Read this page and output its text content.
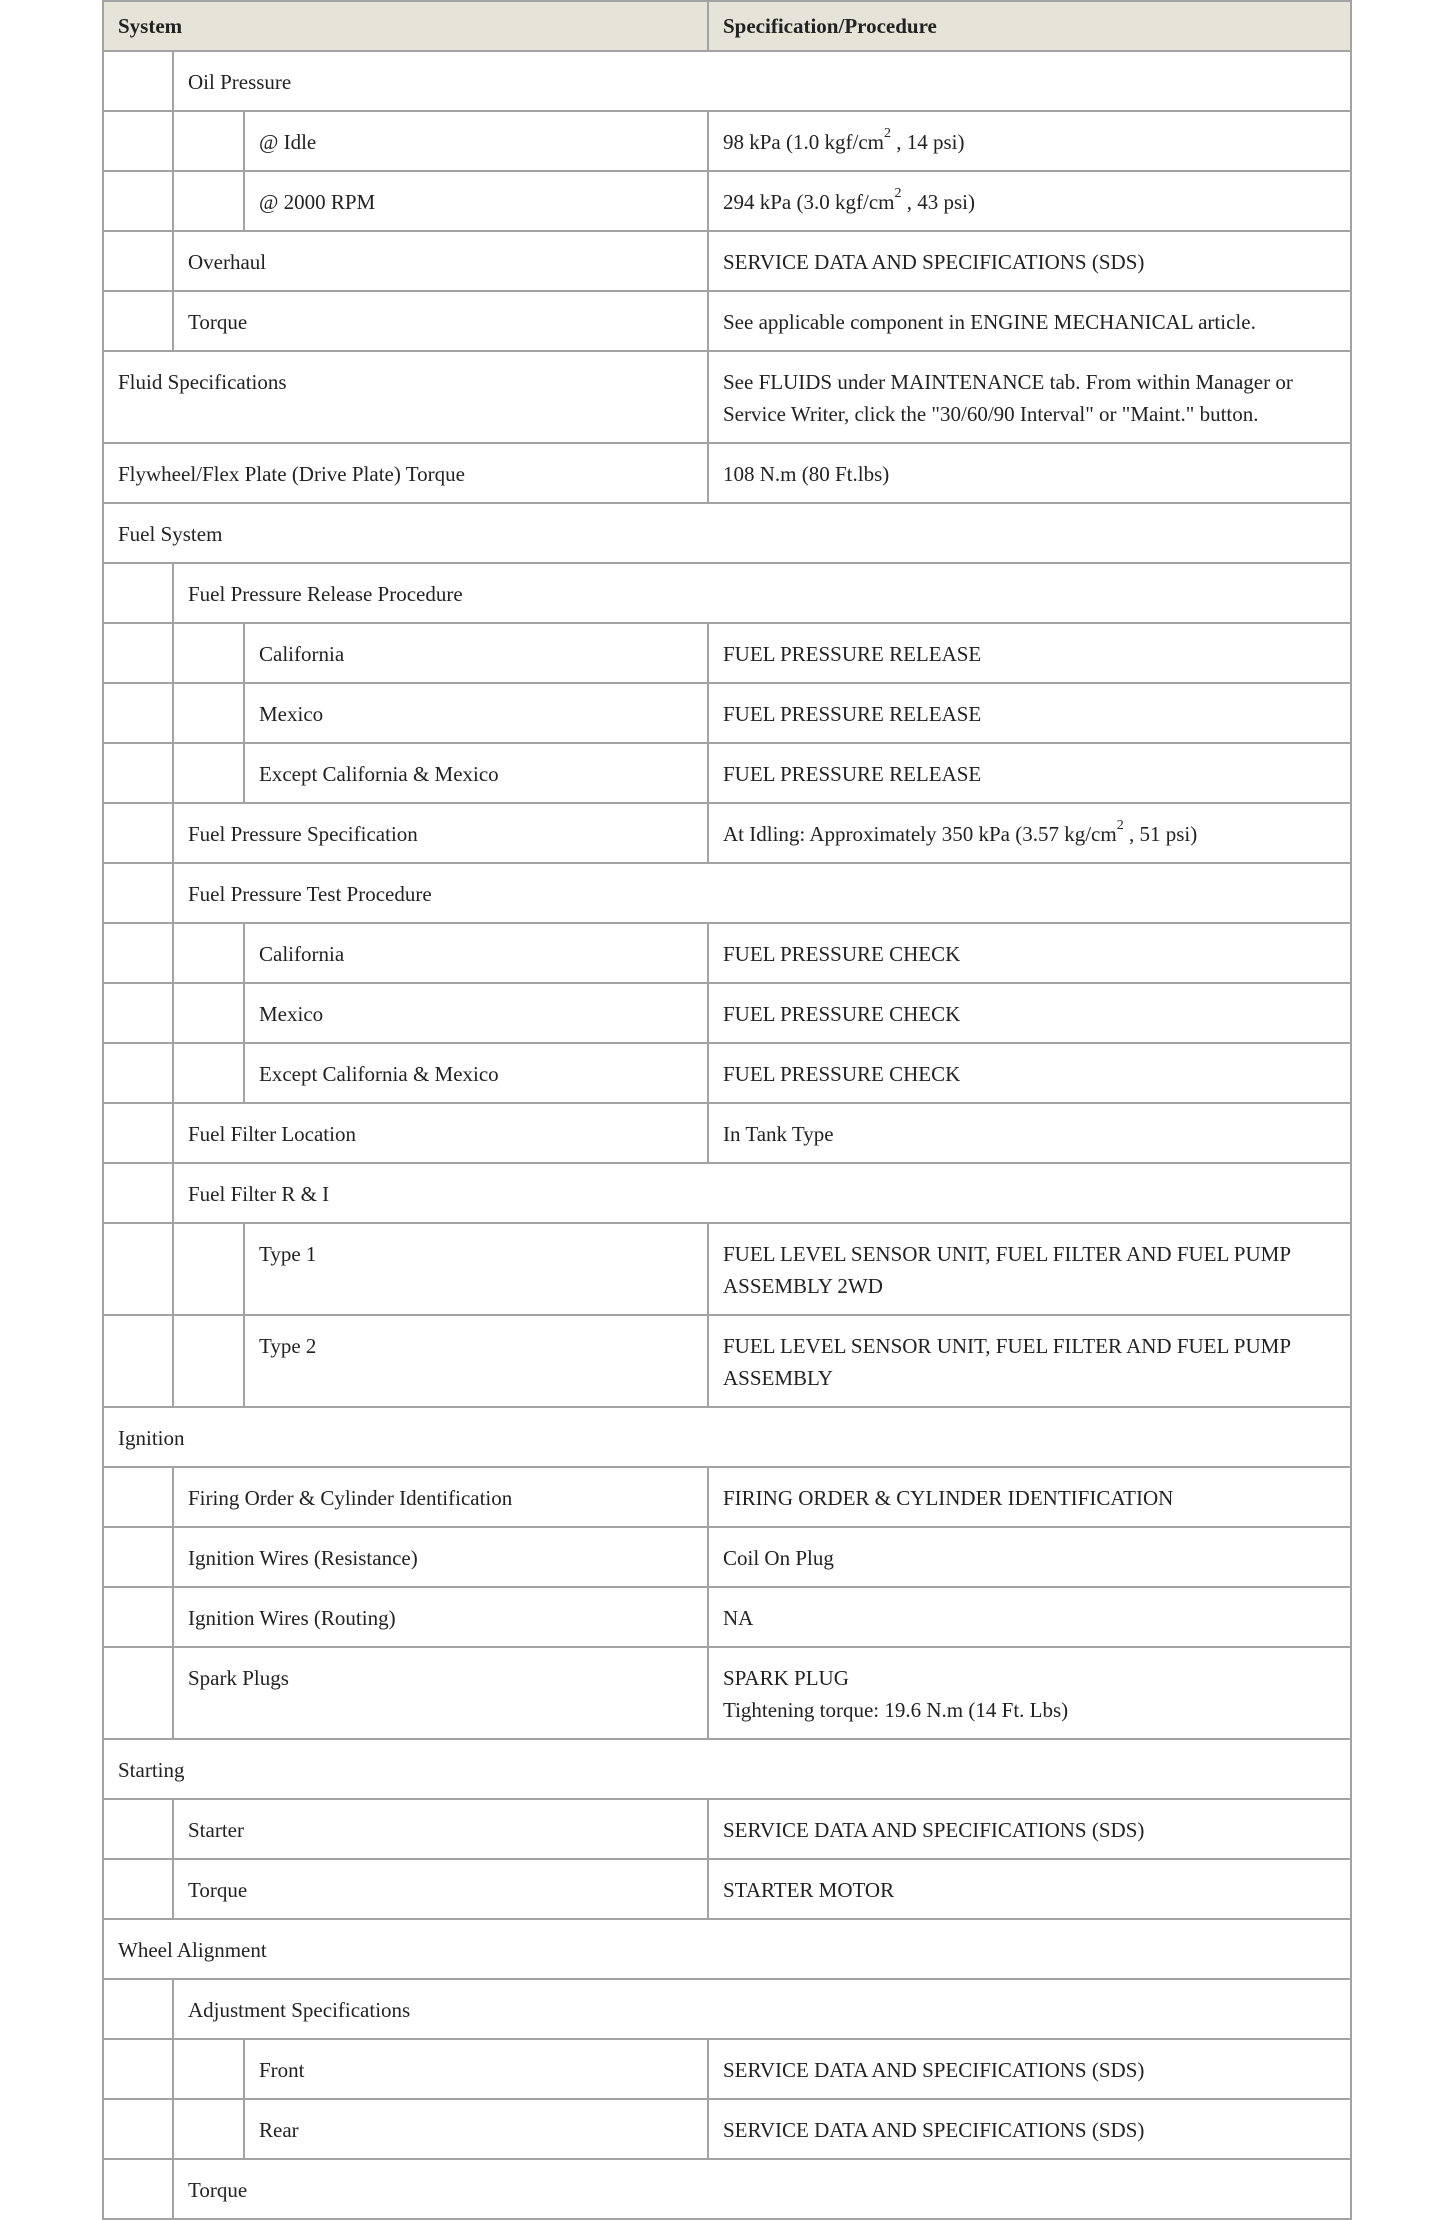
System			Specification/Procedure
	Oil Pressure		
		@ Idle	98 kPa (1.0 kgf/$cm^2$ , 14 psi)
		@ 2000 RPM	294 kPa (3.0 kgf/$cm^2$ , 43 psi)
	Overhaul		SERVICE DATA AND SPECIFICATIONS (SDS)
	Torque		See applicable component in ENGINE MECHANICAL article.
Fluid Specifications			See FLUIDS under MAINTENANCE tab. From within Manager or Service Writer, click the "30/60/90 Interval" or "Maint." button.
Flywheel/Flex Plate (Drive Plate) Torque			108 N.m (80 Ft.lbs)
Fuel System			
	Fuel Pressure Release Procedure		
		California	FUEL PRESSURE RELEASE
		Mexico	FUEL PRESSURE RELEASE
		Except California & Mexico	FUEL PRESSURE RELEASE
	Fuel Pressure Specification		At Idling: Approximately 350 kPa (3.57 $kg/cm^2$ , 51 psi)
	Fuel Pressure Test Procedure		
		California	FUEL PRESSURE CHECK
		Mexico	FUEL PRESSURE CHECK
		Except California & Mexico	FUEL PRESSURE CHECK
	Fuel Filter Location		In Tank Type
	Fuel Filter R & I		
		Type 1	FUEL LEVEL SENSOR UNIT, FUEL FILTER AND FUEL PUMP ASSEMBLY 2WD
		Type 2	FUEL LEVEL SENSOR UNIT, FUEL FILTER AND FUEL PUMP ASSEMBLY
Ignition			
	Firing Order & Cylinder Identification		FIRING ORDER & CYLINDER IDENTIFICATION
	Ignition Wires (Resistance)		Coil On Plug
	Ignition Wires (Routing)		NA
	Spark Plugs		SPARK PLUG
Tightening torque: 19.6 N.m (14 Ft. Lbs)

Starting			
	Starter		SERVICE DATA AND SPECIFICATIONS (SDS)
	Torque		STARTER MOTOR
Wheel Alignment			
	Adjustment Specifications		
		Front	SERVICE DATA AND SPECIFICATIONS (SDS)
		Rear	SERVICE DATA AND SPECIFICATIONS (SDS)
	Torque		
